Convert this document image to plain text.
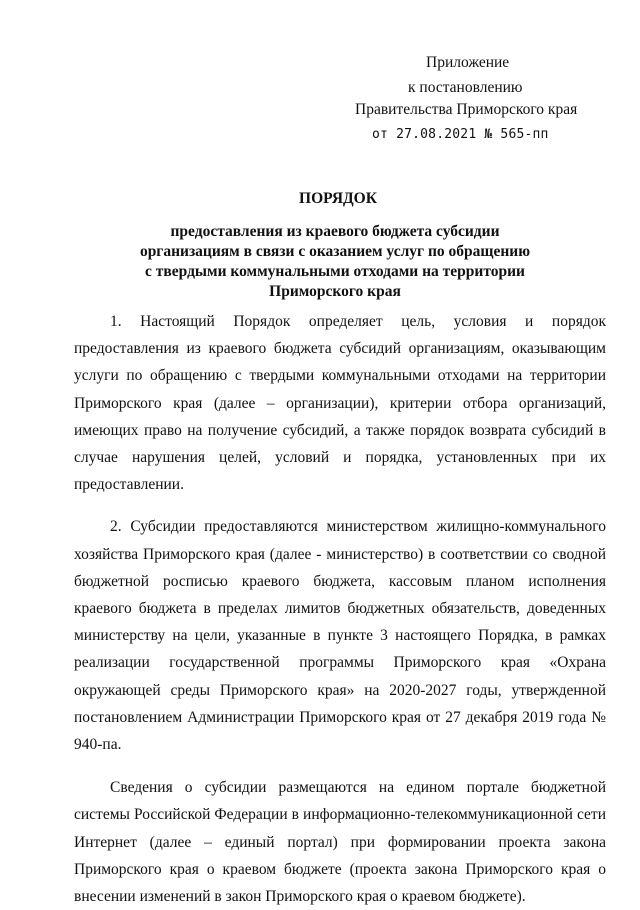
Приложение
к постановлению
Правительства Приморского края
от 27.08.2021 № 565-пп
ПОРЯДОК
предоставления из краевого бюджета субсидии
организациям в связи с оказанием услуг по обращению
с твердыми коммунальными отходами на территории
Приморского края

1. Настоящий Порядок определяет цель, условия и порядок предоставления из краевого бюджета субсидий организациям, оказывающим услуги по обращению с твердыми коммунальными отходами на территории Приморского края (далее – организации), критерии отбора организаций, имеющих право на получение субсидий, а также порядок возврата субсидий в случае нарушения целей, условий и порядка, установленных при их предоставлении.

2. Субсидии предоставляются министерством жилищно-коммунального хозяйства Приморского края (далее - министерство) в соответствии со сводной бюджетной росписью краевого бюджета, кассовым планом исполнения краевого бюджета в пределах лимитов бюджетных обязательств, доведенных министерству на цели, указанные в пункте 3 настоящего Порядка, в рамках реализации государственной программы Приморского края «Охрана окружающей среды Приморского края» на 2020-2027 годы, утвержденной постановлением Администрации Приморского края от 27 декабря 2019 года № 940-па.

Сведения о субсидии размещаются на едином портале бюджетной системы Российской Федерации в информационно-телекоммуникационной сети Интернет (далее – единый портал) при формировании проекта закона Приморского края о краевом бюджете (проекта закона Приморского края о внесении изменений в закон Приморского края о краевом бюджете).
